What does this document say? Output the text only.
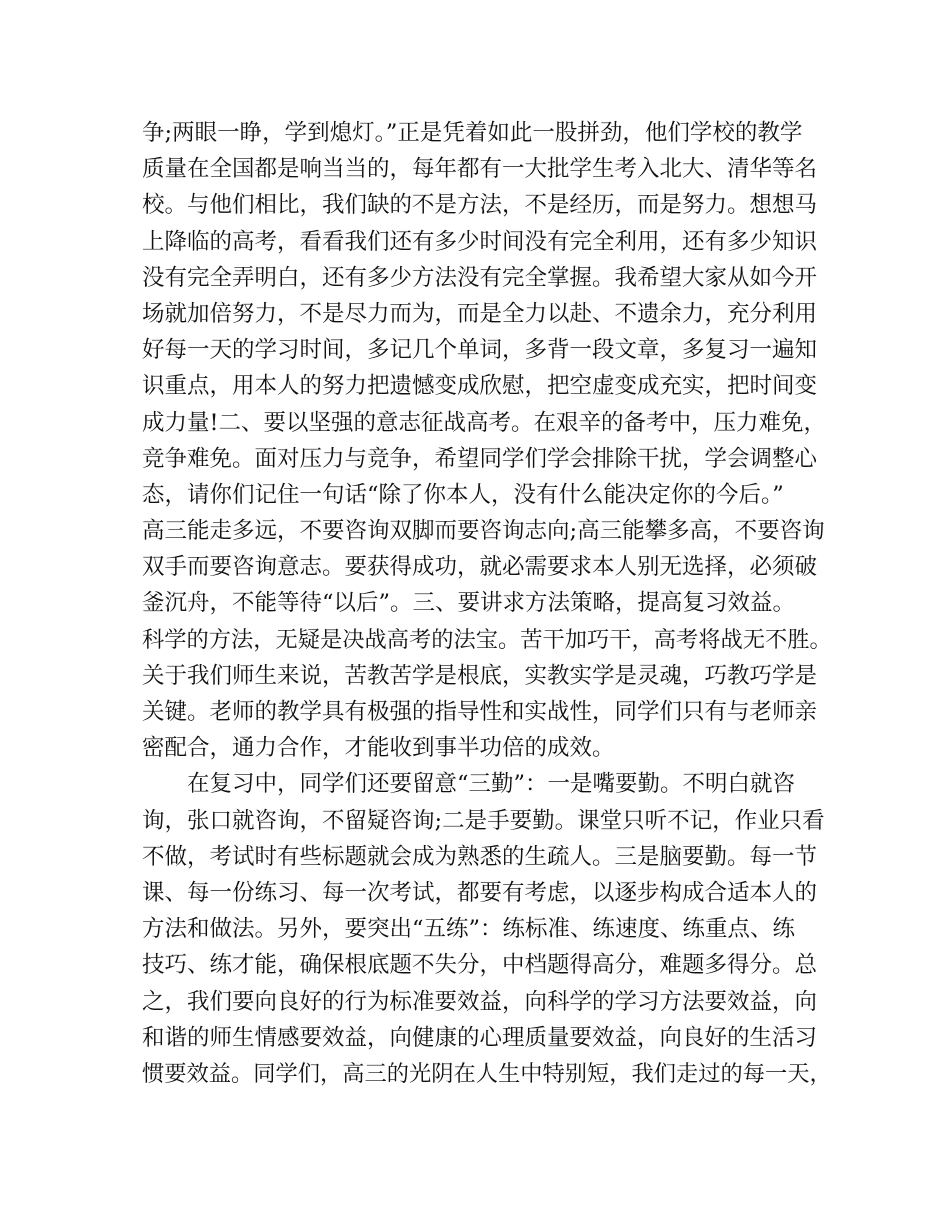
争;两眼一睁，学到熄灯。”正是凭着如此一股拼劲，他们学校的教学
质量在全国都是响当当的，每年都有一大批学生考入北大、清华等名
校。与他们相比，我们缺的不是方法，不是经历，而是努力。想想马
上降临的高考，看看我们还有多少时间没有完全利用，还有多少知识
没有完全弄明白，还有多少方法没有完全掌握。我希望大家从如今开
场就加倍努力，不是尽力而为，而是全力以赴、不遗余力，充分利用
好每一天的学习时间，多记几个单词，多背一段文章，多复习一遍知
识重点，用本人的努力把遗憾变成欣慰，把空虚变成充实，把时间变
成力量!二、要以坚强的意志征战高考。在艰辛的备考中，压力难免，
竞争难免。面对压力与竞争，希望同学们学会排除干扰，学会调整心
态，请你们记住一句话“除了你本人，没有什么能决定你的今后。”
高三能走多远，不要咨询双脚而要咨询志向;高三能攀多高，不要咨询
双手而要咨询意志。要获得成功，就必需要求本人别无选择，必须破
釜沉舟，不能等待“以后”。三、要讲求方法策略，提高复习效益。
科学的方法，无疑是决战高考的法宝。苦干加巧干，高考将战无不胜。
关于我们师生来说，苦教苦学是根底，实教实学是灵魂，巧教巧学是
关键。老师的教学具有极强的指导性和实战性，同学们只有与老师亲
密配合，通力合作，才能收到事半功倍的成效。
在复习中，同学们还要留意“三勤”：一是嘴要勤。不明白就咨
询，张口就咨询，不留疑咨询;二是手要勤。课堂只听不记，作业只看
不做，考试时有些标题就会成为熟悉的生疏人。三是脑要勤。每一节
课、每一份练习、每一次考试，都要有考虑，以逐步构成合适本人的
方法和做法。另外，要突出“五练”：练标准、练速度、练重点、练
技巧、练才能，确保根底题不失分，中档题得高分，难题多得分。总
之，我们要向良好的行为标准要效益，向科学的学习方法要效益，向
和谐的师生情感要效益，向健康的心理质量要效益，向良好的生活习
惯要效益。同学们，高三的光阴在人生中特别短，我们走过的每一天，
